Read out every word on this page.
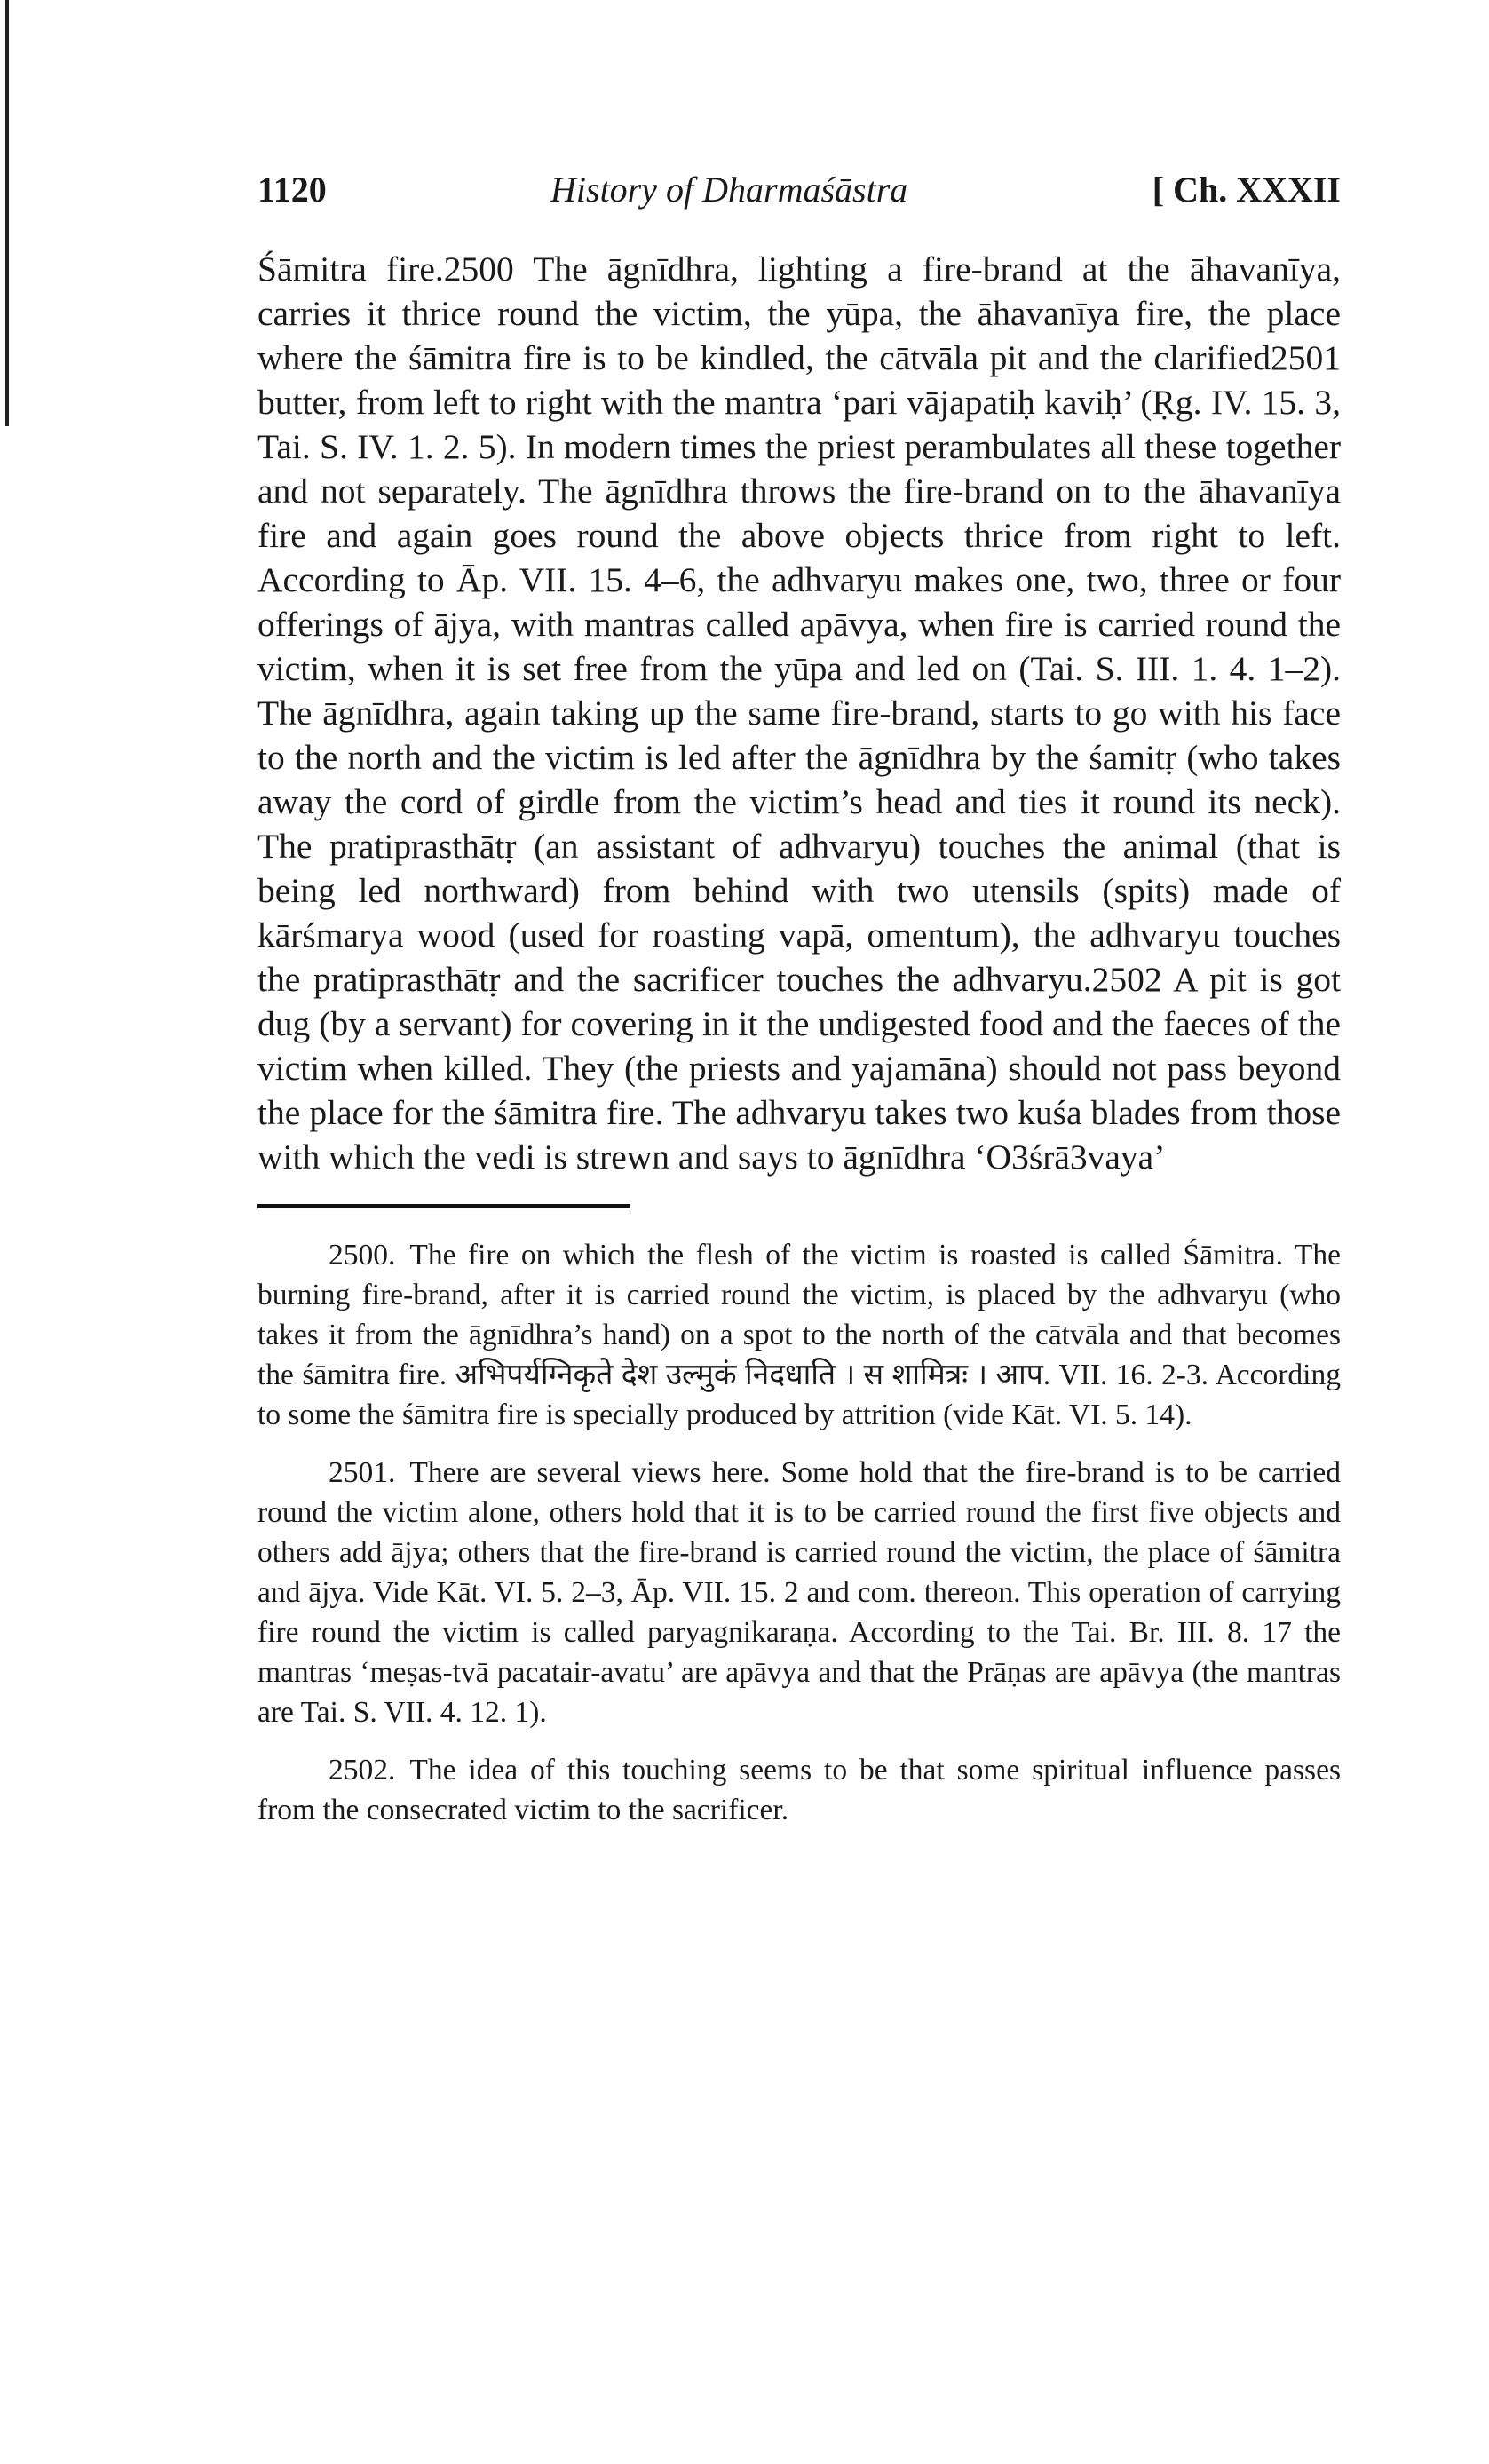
1120	History of Dharmaśāstra	[ Ch. XXXII

Śāmitra fire.2500 The āgnīdhra, lighting a fire-brand at the āhavanīya, carries it thrice round the victim, the yūpa, the āhavanīya fire, the place where the śāmitra fire is to be kindled, the cātvāla pit and the clarified2501 butter, from left to right with the mantra ‘pari vājapatiḥ kaviḥ’ (Ṛg. IV. 15. 3, Tai. S. IV. 1. 2. 5). In modern times the priest perambulates all these together and not separately. The āgnīdhra throws the fire-brand on to the āhavanīya fire and again goes round the above objects thrice from right to left. According to Āp. VII. 15. 4–6, the adhvaryu makes one, two, three or four offerings of ājya, with mantras called apāvya, when fire is carried round the victim, when it is set free from the yūpa and led on (Tai. S. III. 1. 4. 1–2). The āgnīdhra, again taking up the same fire-brand, starts to go with his face to the north and the victim is led after the āgnīdhra by the śamitṛ (who takes away the cord of girdle from the victim’s head and ties it round its neck). The pratiprasthātṛ (an assistant of adhvaryu) touches the animal (that is being led northward) from behind with two utensils (spits) made of kārśmarya wood (used for roasting vapā, omentum), the adhvaryu touches the pratiprasthātṛ and the sacrificer touches the adhvaryu.2502 A pit is got dug (by a servant) for covering in it the undigested food and the faeces of the victim when killed. They (the priests and yajamāna) should not pass beyond the place for the śāmitra fire. The adhvaryu takes two kuśa blades from those with which the vedi is strewn and says to āgnīdhra ‘O3śrā3vaya’

2500. The fire on which the flesh of the victim is roasted is called Śāmitra. The burning fire-brand, after it is carried round the victim, is placed by the adhvaryu (who takes it from the āgnīdhra’s hand) on a spot to the north of the cātvāla and that becomes the śāmitra fire. अभिपर्यग्निकृते देश उल्मुकं निदधाति । स शामित्रः । आप. VII. 16. 2-3. According to some the śāmitra fire is specially produced by attrition (vide Kāt. VI. 5. 14).

2501. There are several views here. Some hold that the fire-brand is to be carried round the victim alone, others hold that it is to be carried round the first five objects and others add ājya; others that the fire-brand is carried round the victim, the place of śāmitra and ājya. Vide Kāt. VI. 5. 2–3, Āp. VII. 15. 2 and com. thereon. This operation of carrying fire round the victim is called paryagnikaraṇa. According to the Tai. Br. III. 8. 17 the mantras ‘meṣas-tvā pacatair-avatu’ are apāvya and that the Prāṇas are apāvya (the mantras are Tai. S. VII. 4. 12. 1).

2502. The idea of this touching seems to be that some spiritual influence passes from the consecrated victim to the sacrificer.
